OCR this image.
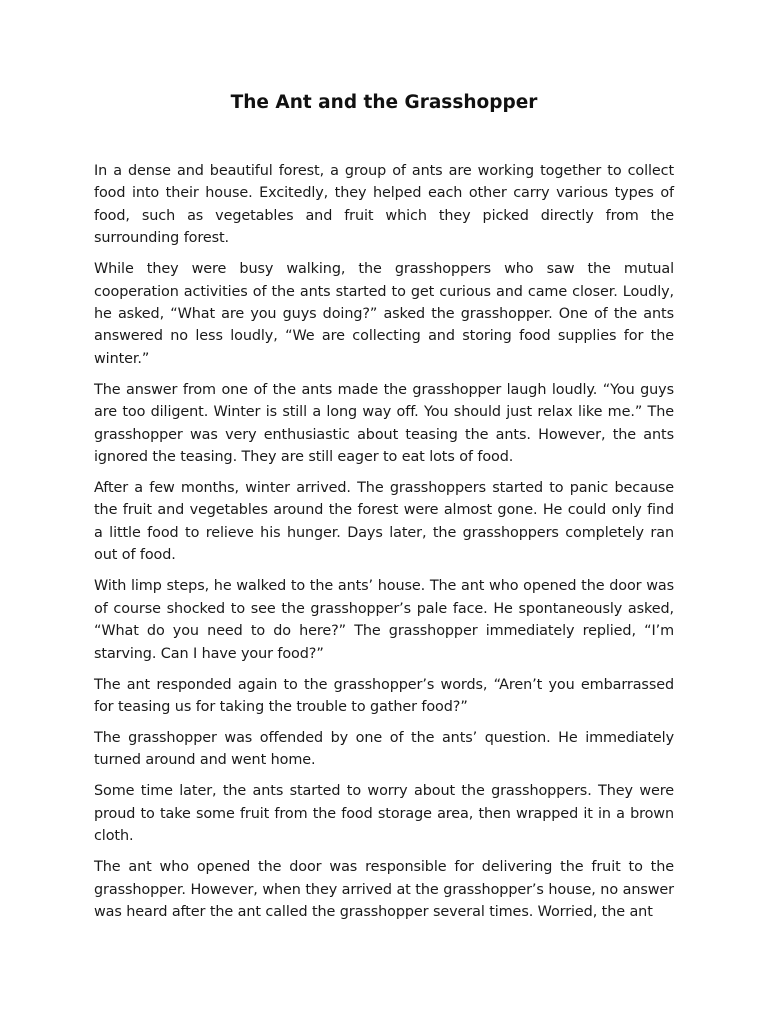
The Ant and the Grasshopper

In a dense and beautiful forest, a group of ants are working together to collect food into their house. Excitedly, they helped each other carry various types of food, such as vegetables and fruit which they picked directly from the surrounding forest.

While they were busy walking, the grasshoppers who saw the mutual cooperation activities of the ants started to get curious and came closer. Loudly, he asked, “What are you guys doing?” asked the grasshopper. One of the ants answered no less loudly, “We are collecting and storing food supplies for the winter.”

The answer from one of the ants made the grasshopper laugh loudly. “You guys are too diligent. Winter is still a long way off. You should just relax like me.” The grasshopper was very enthusiastic about teasing the ants. However, the ants ignored the teasing. They are still eager to eat lots of food.

After a few months, winter arrived. The grasshoppers started to panic because the fruit and vegetables around the forest were almost gone. He could only find a little food to relieve his hunger. Days later, the grasshoppers completely ran out of food.

With limp steps, he walked to the ants’ house. The ant who opened the door was of course shocked to see the grasshopper’s pale face. He spontaneously asked, “What do you need to do here?” The grasshopper immediately replied, “I’m starving. Can I have your food?”

The ant responded again to the grasshopper’s words, “Aren’t you embarrassed for teasing us for taking the trouble to gather food?”

The grasshopper was offended by one of the ants’ question. He immediately turned around and went home.

Some time later, the ants started to worry about the grasshoppers. They were proud to take some fruit from the food storage area, then wrapped it in a brown cloth.

The ant who opened the door was responsible for delivering the fruit to the grasshopper. However, when they arrived at the grasshopper’s house, no answer was heard after the ant called the grasshopper several times. Worried, the ant
